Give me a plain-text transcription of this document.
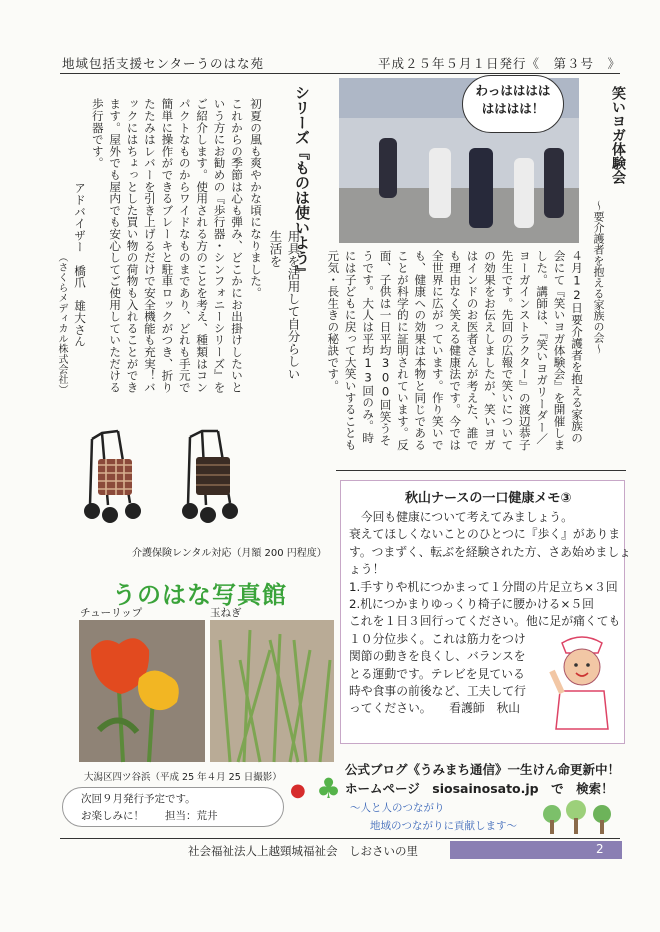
地域包括支援センターうのはな苑	平成２５年５月１日発行《　第３号　》
シリーズ『ものは使いよう』
用具を活用して自分らしい生活を
初夏の風も爽やかな頃になりました。
これからの季節は心も弾み、どこかにお出掛けしたいという方にお勧めの『歩行器・シンフォニーシリーズ』をご紹介します。使用される方のことを考え、種類はコンパクトなものからワイドなものまであり、どれも手元で簡単に操作ができるブレーキと駐車ロックがつき、折りたたみはレバーを引き上げるだけで安全機能も充実！バックにはちょっとした買い物の荷物も入れることができます。屋外でも屋内でも安心してご使用していただける歩行器です。
アドバイザー　橋爪　雄大さん
（さくらメディカル株式会社）
介護保険レンタル対応（月額 200 円程度）
わっはははは
はははは！	笑いヨガ体験会
〜要介護者を抱える家族の会〜
４月12日要介護者を抱える家族の会にて『笑いヨガ体験会』を開催しました。講師は、『笑いヨガリーダー／ヨーガインストラクター』の渡辺恭子先生です。先回の広報で笑いについての効果をお伝えしましたが、笑いヨガはインドのお医者さんが考えた、誰でも理由なく笑える健康法です。今では全世界に広がっています。作り笑いでも、健康への効果は本物と同じであることが科学的に証明されています。反面、子供は一日平均300回笑うそうです。大人は平均13回のみ。時には子どもに戻って大笑いすることも元気・長生きの秘訣です。
秋山ナースの一口健康メモ③
　今回も健康について考えてみましょう。
衰えてほしくないことのひとつに『歩く』がありま
す。つまずく、転ぶを経験された方、さあ始めましょ
ょう！
1.手すりや机につかまって１分間の片足立ち×３回
2.机につかまりゆっくり椅子に腰かける×５回
これを１日３回行ってください。他に足が痛くても
１０分位歩く。これは筋力をつけ
関節の動きを良くし、バランスを
とる運動です。テレビを見ている
時や食事の前後など、工夫して行
ってください。　　看護師　秋山
うのはな写真館
チューリップ	玉ねぎ
大潟区四ツ谷浜（平成 25 年４月 25 日撮影）
次回９月発行予定です。
お楽しみに！　　担当：荒井
● ♣
公式ブログ《うみまち通信》一生けん命更新中！
ホームページ　siosainosato.jp　で　検索！
〜人と人のつながり
地域のつながりに貢献します〜
社会福祉法人上越頸城福祉会　しおさいの里	2
